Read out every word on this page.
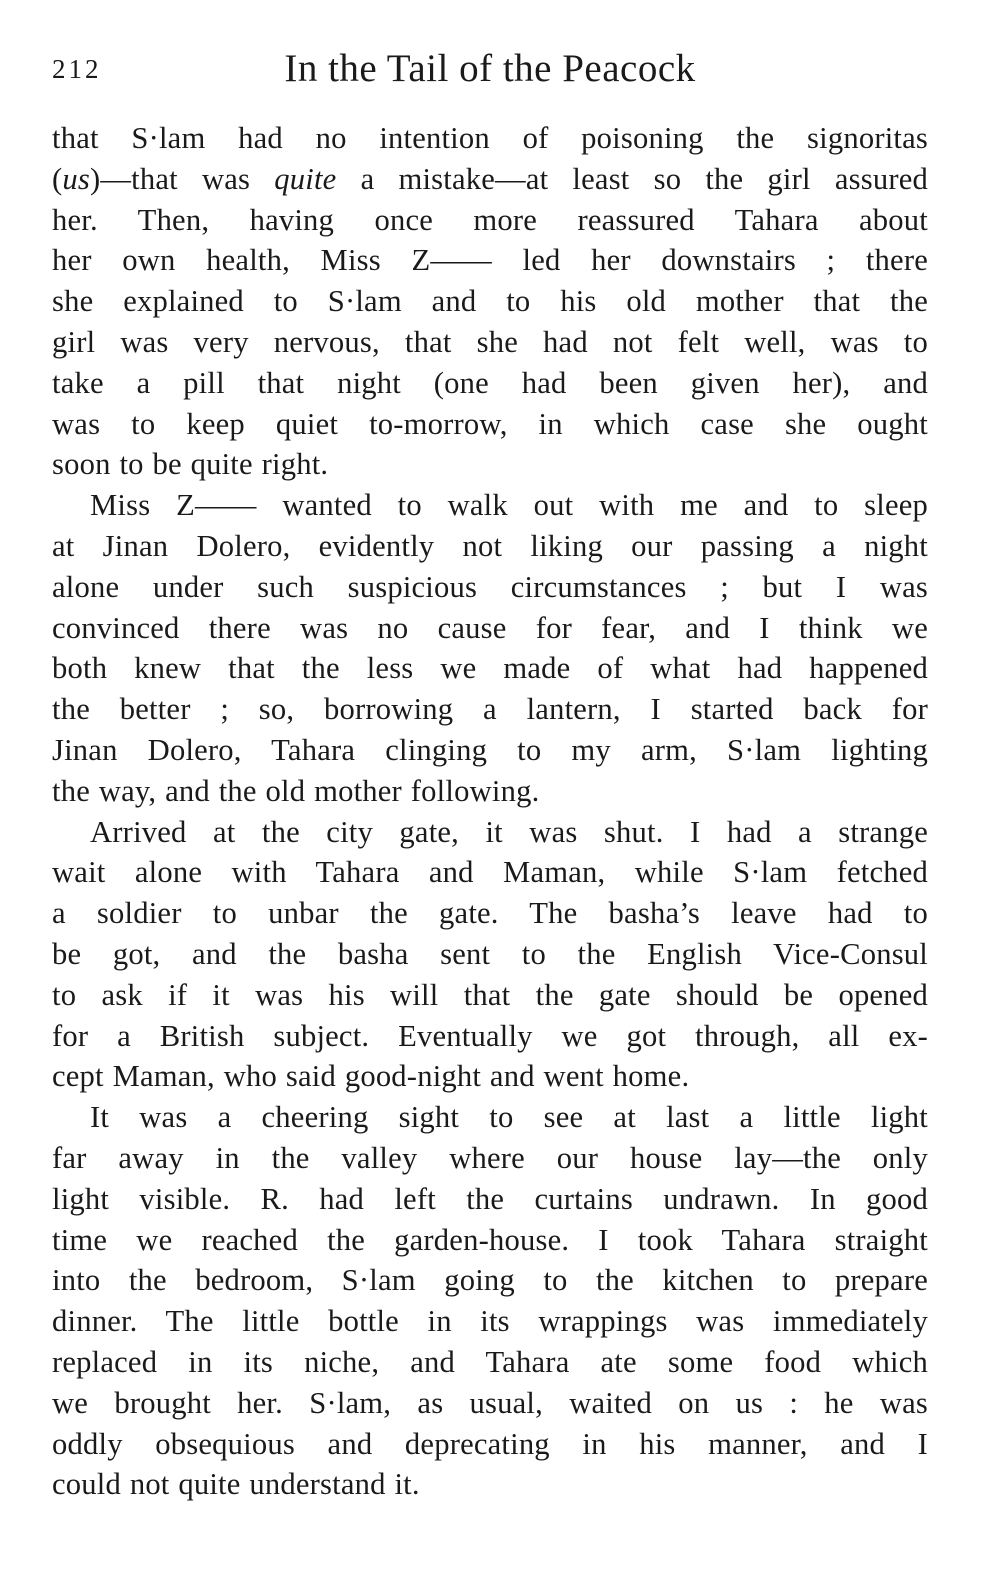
212	In the Tail of the Peacock
that S·lam had no intention of poisoning the signoritas
(us)—that was quite a mistake—at least so the girl assured
her. Then, having once more reassured Tahara about
her own health, Miss Z—— led her downstairs ; there
she explained to S·lam and to his old mother that the
girl was very nervous, that she had not felt well, was to
take a pill that night (one had been given her), and
was to keep quiet to-morrow, in which case she ought
soon to be quite right.
Miss Z—— wanted to walk out with me and to sleep
at Jinan Dolero, evidently not liking our passing a night
alone under such suspicious circumstances ; but I was
convinced there was no cause for fear, and I think we
both knew that the less we made of what had happened
the better ; so, borrowing a lantern, I started back for
Jinan Dolero, Tahara clinging to my arm, S·lam lighting
the way, and the old mother following.
Arrived at the city gate, it was shut. I had a strange
wait alone with Tahara and Maman, while S·lam fetched
a soldier to unbar the gate. The basha’s leave had to
be got, and the basha sent to the English Vice-Consul
to ask if it was his will that the gate should be opened
for a British subject. Eventually we got through, all ex-
cept Maman, who said good-night and went home.
It was a cheering sight to see at last a little light
far away in the valley where our house lay—the only
light visible. R. had left the curtains undrawn. In good
time we reached the garden-house. I took Tahara straight
into the bedroom, S·lam going to the kitchen to prepare
dinner. The little bottle in its wrappings was immediately
replaced in its niche, and Tahara ate some food which
we brought her. S·lam, as usual, waited on us : he was
oddly obsequious and deprecating in his manner, and I
could not quite understand it.
